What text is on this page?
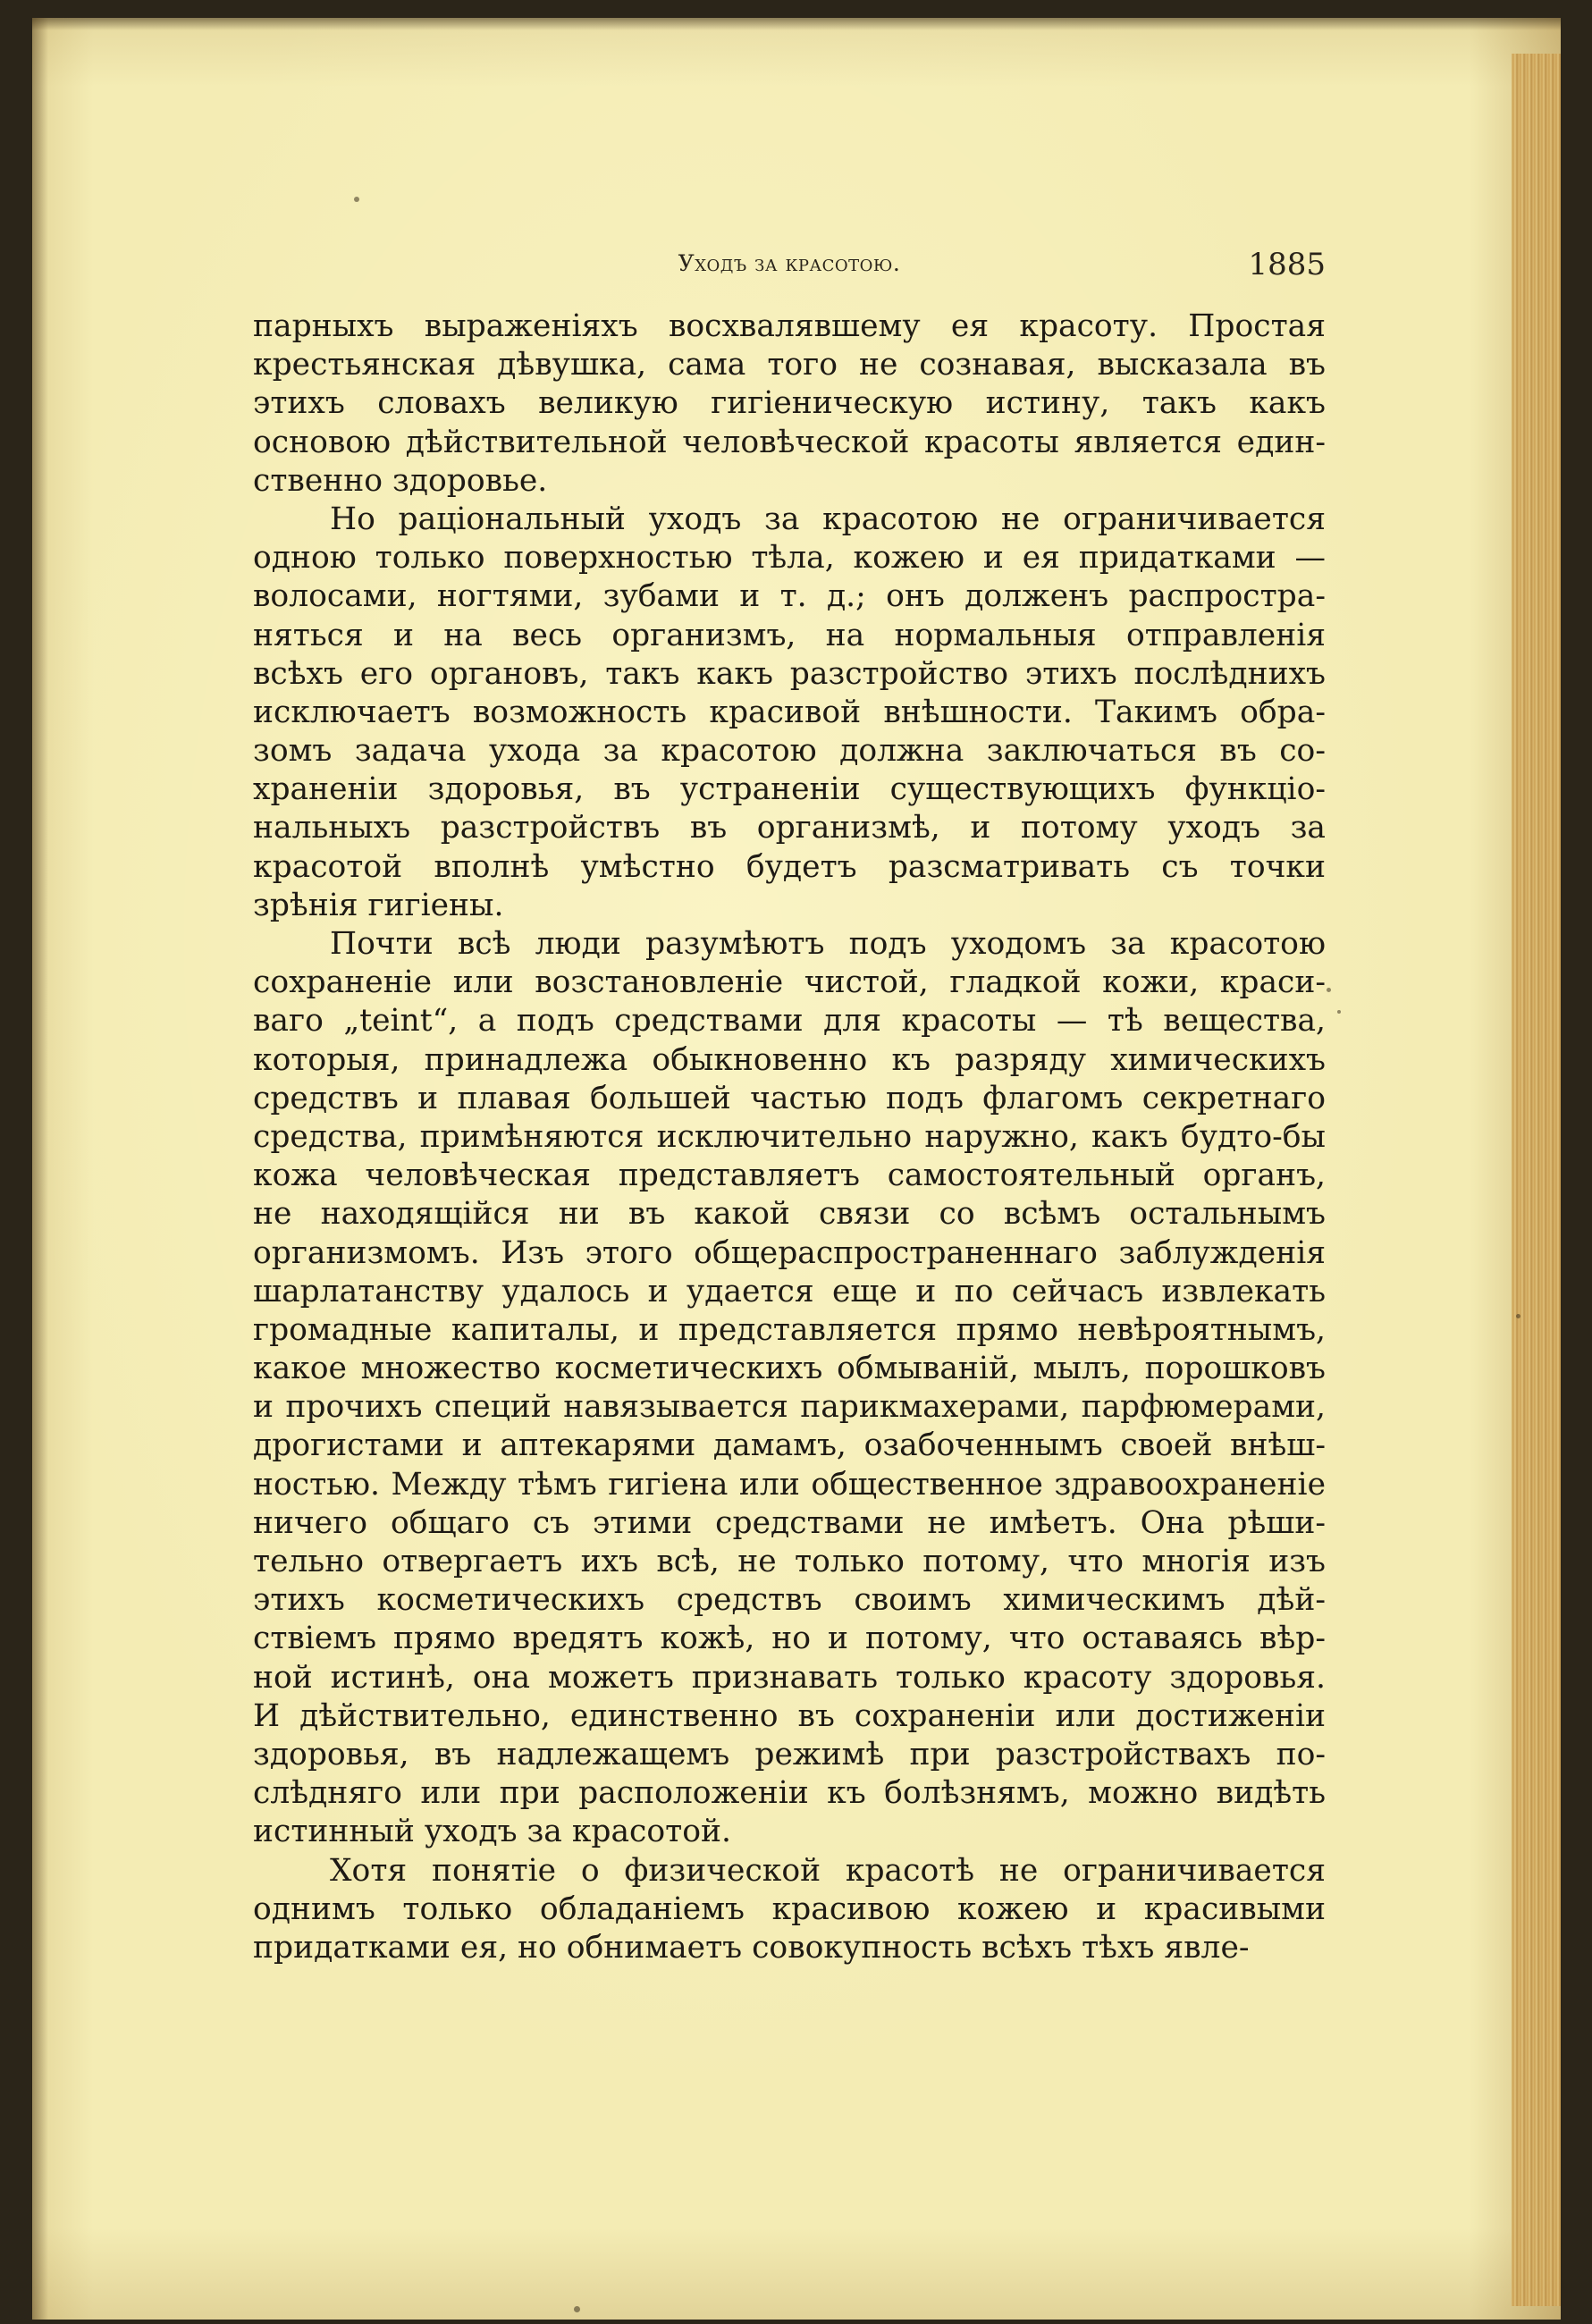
Уходъ за красотою.	1885
парныхъ выраженіяхъ восхвалявшему ея красоту. Простая
крестьянская дѣвушка, сама того не сознавая, высказала въ
этихъ словахъ великую гигіеническую истину, такъ какъ
основою дѣйствительной человѣческой красоты является един-
ственно здоровье.
Но раціональный уходъ за красотою не ограничивается
одною только поверхностью тѣла, кожею и ея придатками —
волосами, ногтями, зубами и т. д.; онъ долженъ распростра-
няться и на весь организмъ, на нормальныя отправленія
всѣхъ его органовъ, такъ какъ разстройство этихъ послѣднихъ
исключаетъ возможность красивой внѣшности. Такимъ обра-
зомъ задача ухода за красотою должна заключаться въ со-
храненіи здоровья, въ устраненіи существующихъ функціо-
нальныхъ разстройствъ въ организмѣ, и потому уходъ за
красотой вполнѣ умѣстно будетъ разсматривать съ точки
зрѣнія гигіены.
Почти всѣ люди разумѣютъ подъ уходомъ за красотою
сохраненіе или возстановленіе чистой, гладкой кожи, краси-
ваго „teint“, а подъ средствами для красоты — тѣ вещества,
которыя, принадлежа обыкновенно къ разряду химическихъ
средствъ и плавая большей частью подъ флагомъ секретнаго
средства, примѣняются исключительно наружно, какъ будто-бы
кожа человѣческая представляетъ самостоятельный органъ,
не находящійся ни въ какой связи со всѣмъ остальнымъ
организмомъ. Изъ этого общераспространеннаго заблужденія
шарлатанству удалось и удается еще и по сейчасъ извлекать
громадные капиталы, и представляется прямо невѣроятнымъ,
какое множество косметическихъ обмываній, мылъ, порошковъ
и прочихъ специй навязывается парикмахерами, парфюмерами,
дрогистами и аптекарями дамамъ, озабоченнымъ своей внѣш-
ностью. Между тѣмъ гигіена или общественное здравоохраненіе
ничего общаго съ этими средствами не имѣетъ. Она рѣши-
тельно отвергаетъ ихъ всѣ, не только потому, что многія изъ
этихъ косметическихъ средствъ своимъ химическимъ дѣй-
ствіемъ прямо вредятъ кожѣ, но и потому, что оставаясь вѣр-
ной истинѣ, она можетъ признавать только красоту здоровья.
И дѣйствительно, единственно въ сохраненіи или достиженіи
здоровья, въ надлежащемъ режимѣ при разстройствахъ по-
слѣдняго или при расположеніи къ болѣзнямъ, можно видѣть
истинный уходъ за красотой.
Хотя понятіе о физической красотѣ не ограничивается
однимъ только обладаніемъ красивою кожею и красивыми
придатками ея, но обнимаетъ совокупность всѣхъ тѣхъ явле-
